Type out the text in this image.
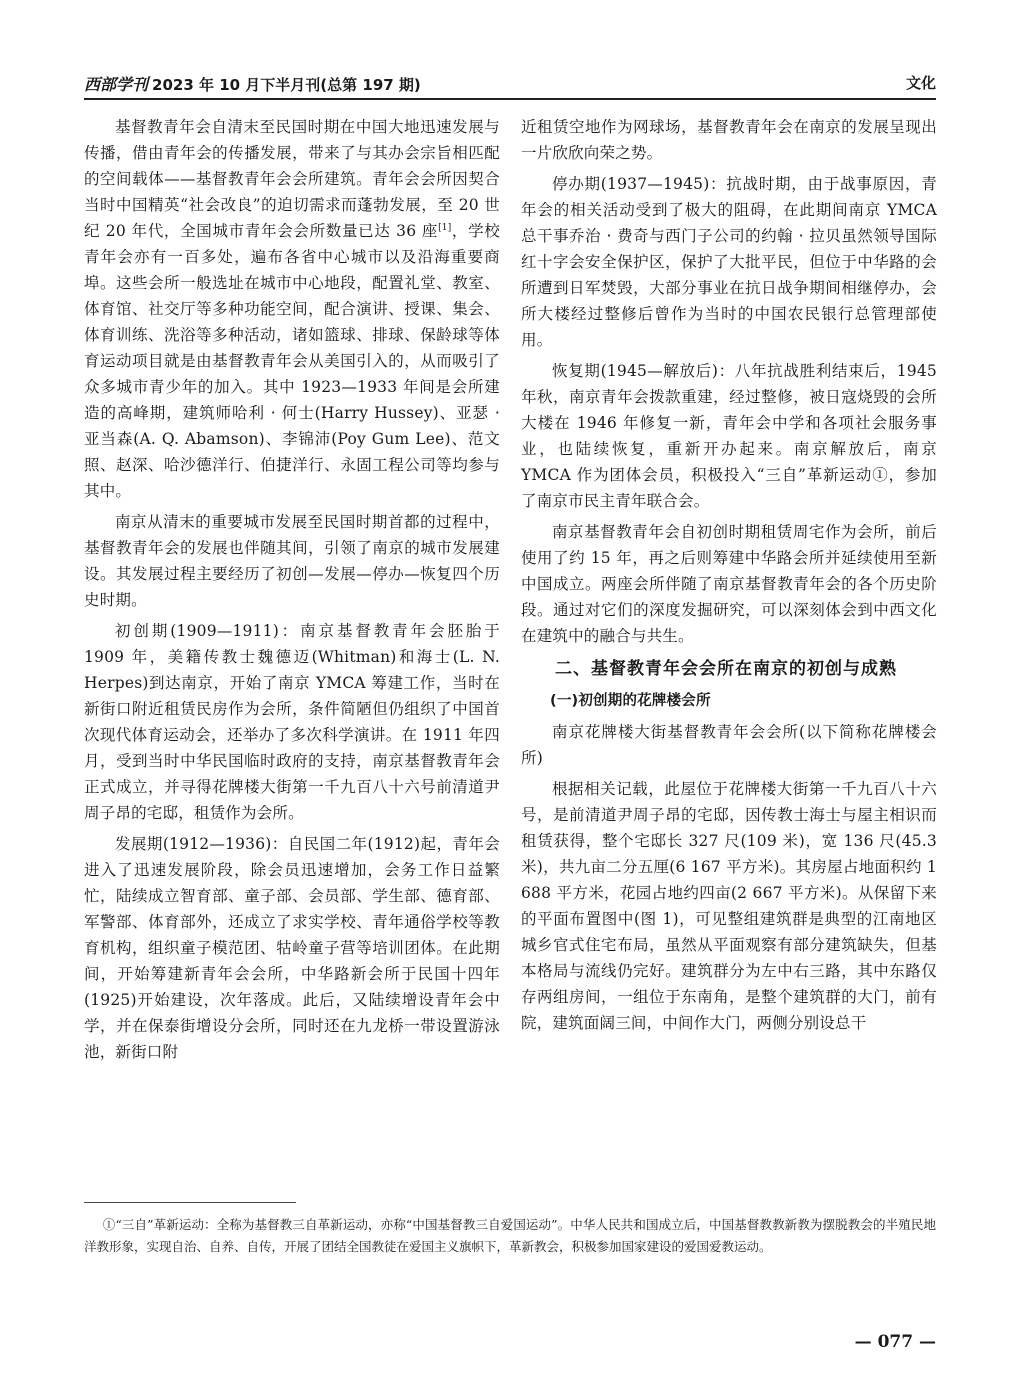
西部学刊 2023 年 10 月下半月刊(总第 197 期)	文化

基督教青年会自清末至民国时期在中国大地迅速发展与传播，借由青年会的传播发展，带来了与其办会宗旨相匹配的空间载体——基督教青年会会所建筑。青年会会所因契合当时中国精英“社会改良”的迫切需求而蓬勃发展，至 20 世纪 20 年代，全国城市青年会会所数量已达 36 座[1]，学校青年会亦有一百多处，遍布各省中心城市以及沿海重要商埠。这些会所一般选址在城市中心地段，配置礼堂、教室、体育馆、社交厅等多种功能空间，配合演讲、授课、集会、体育训练、洗浴等多种活动，诸如篮球、排球、保龄球等体育运动项目就是由基督教青年会从美国引入的，从而吸引了众多城市青少年的加入。其中 1923—1933 年间是会所建造的高峰期，建筑师哈利 · 何士(Harry Hussey)、亚瑟 · 亚当森(A. Q. Abamson)、李锦沛(Poy Gum Lee)、范文照、赵深、哈沙德洋行、伯捷洋行、永固工程公司等均参与其中。

南京从清末的重要城市发展至民国时期首都的过程中，基督教青年会的发展也伴随其间，引领了南京的城市发展建设。其发展过程主要经历了初创—发展—停办—恢复四个历史时期。

初创期(1909—1911)：南京基督教青年会胚胎于 1909 年，美籍传教士魏德迈(Whitman)和海士(L. N. Herpes)到达南京，开始了南京 YMCA 筹建工作，当时在新街口附近租赁民房作为会所，条件简陋但仍组织了中国首次现代体育运动会，还举办了多次科学演讲。在 1911 年四月，受到当时中华民国临时政府的支持，南京基督教青年会正式成立，并寻得花牌楼大街第一千九百八十六号前清道尹周子昂的宅邸，租赁作为会所。

发展期(1912—1936)：自民国二年(1912)起，青年会进入了迅速发展阶段，除会员迅速增加，会务工作日益繁忙，陆续成立智育部、童子部、会员部、学生部、德育部、军警部、体育部外，还成立了求实学校、青年通俗学校等教育机构，组织童子模范团、牯岭童子营等培训团体。在此期间，开始筹建新青年会会所，中华路新会所于民国十四年(1925)开始建设，次年落成。此后，又陆续增设青年会中学，并在保泰街增设分会所，同时还在九龙桥一带设置游泳池，新街口附

近租赁空地作为网球场，基督教青年会在南京的发展呈现出一片欣欣向荣之势。

停办期(1937—1945)：抗战时期，由于战事原因，青年会的相关活动受到了极大的阻碍，在此期间南京 YMCA 总干事乔治 · 费奇与西门子公司的约翰 · 拉贝虽然领导国际红十字会安全保护区，保护了大批平民，但位于中华路的会所遭到日军焚毁，大部分事业在抗日战争期间相继停办，会所大楼经过整修后曾作为当时的中国农民银行总管理部使用。

恢复期(1945—解放后)：八年抗战胜利结束后，1945 年秋，南京青年会拨款重建，经过整修，被日寇烧毁的会所大楼在 1946 年修复一新，青年会中学和各项社会服务事业，也陆续恢复，重新开办起来。南京解放后，南京 YMCA 作为团体会员，积极投入“三自”革新运动①，参加了南京市民主青年联合会。

南京基督教青年会自初创时期租赁周宅作为会所，前后使用了约 15 年，再之后则筹建中华路会所并延续使用至新中国成立。两座会所伴随了南京基督教青年会的各个历史阶段。通过对它们的深度发掘研究，可以深刻体会到中西文化在建筑中的融合与共生。

二、基督教青年会会所在南京的初创与成熟

(一)初创期的花牌楼会所

南京花牌楼大街基督教青年会会所(以下简称花牌楼会所)

根据相关记载，此屋位于花牌楼大街第一千九百八十六号，是前清道尹周子昂的宅邸，因传教士海士与屋主相识而租赁获得，整个宅邸长 327 尺(109 米)，宽 136 尺(45.3 米)，共九亩二分五厘(6 167 平方米)。其房屋占地面积约 1 688 平方米，花园占地约四亩(2 667 平方米)。从保留下来的平面布置图中(图 1)，可见整组建筑群是典型的江南地区城乡官式住宅布局，虽然从平面观察有部分建筑缺失，但基本格局与流线仍完好。建筑群分为左中右三路，其中东路仅存两组房间，一组位于东南角，是整个建筑群的大门，前有院，建筑面阔三间，中间作大门，两侧分别设总干

①“三自”革新运动：全称为基督教三自革新运动，亦称“中国基督教三自爱国运动”。中华人民共和国成立后，中国基督教教新教为摆脱教会的半殖民地洋教形象，实现自治、自养、自传，开展了团结全国教徒在爱国主义旗帜下，革新教会，积极参加国家建设的爱国爱教运动。
— 077 —
